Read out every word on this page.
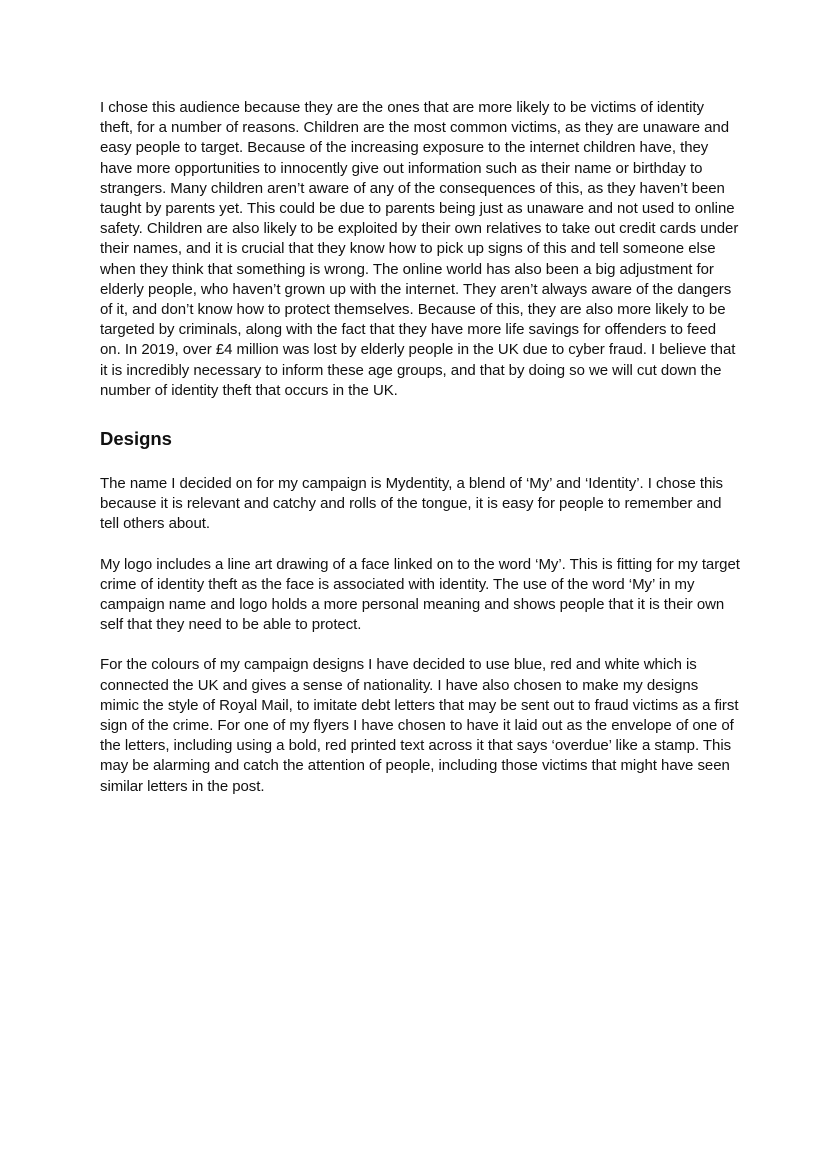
I chose this audience because they are the ones that are more likely to be victims of identity theft, for a number of reasons. Children are the most common victims, as they are unaware and easy people to target. Because of the increasing exposure to the internet children have, they have more opportunities to innocently give out information such as their name or birthday to strangers. Many children aren’t aware of any of the consequences of this, as they haven’t been taught by parents yet. This could be due to parents being just as unaware and not used to online safety. Children are also likely to be exploited by their own relatives to take out credit cards under their names, and it is crucial that they know how to pick up signs of this and tell someone else when they think that something is wrong. The online world has also been a big adjustment for elderly people, who haven’t grown up with the internet. They aren’t always aware of the dangers of it, and don’t know how to protect themselves. Because of this, they are also more likely to be targeted by criminals, along with the fact that they have more life savings for offenders to feed on. In 2019, over £4 million was lost by elderly people in the UK due to cyber fraud. I believe that it is incredibly necessary to inform these age groups, and that by doing so we will cut down the number of identity theft that occurs in the UK.

Designs

The name I decided on for my campaign is Mydentity, a blend of ‘My’ and ‘Identity’. I chose this because it is relevant and catchy and rolls of the tongue, it is easy for people to remember and tell others about.

My logo includes a line art drawing of a face linked on to the word ‘My’. This is fitting for my target crime of identity theft as the face is associated with identity. The use of the word ‘My’ in my campaign name and logo holds a more personal meaning and shows people that it is their own self that they need to be able to protect.

For the colours of my campaign designs I have decided to use blue, red and white which is connected the UK and gives a sense of nationality. I have also chosen to make my designs mimic the style of Royal Mail, to imitate debt letters that may be sent out to fraud victims as a first sign of the crime. For one of my flyers I have chosen to have it laid out as the envelope of one of the letters, including using a bold, red printed text across it that says ‘overdue’ like a stamp. This may be alarming and catch the attention of people, including those victims that might have seen similar letters in the post.
